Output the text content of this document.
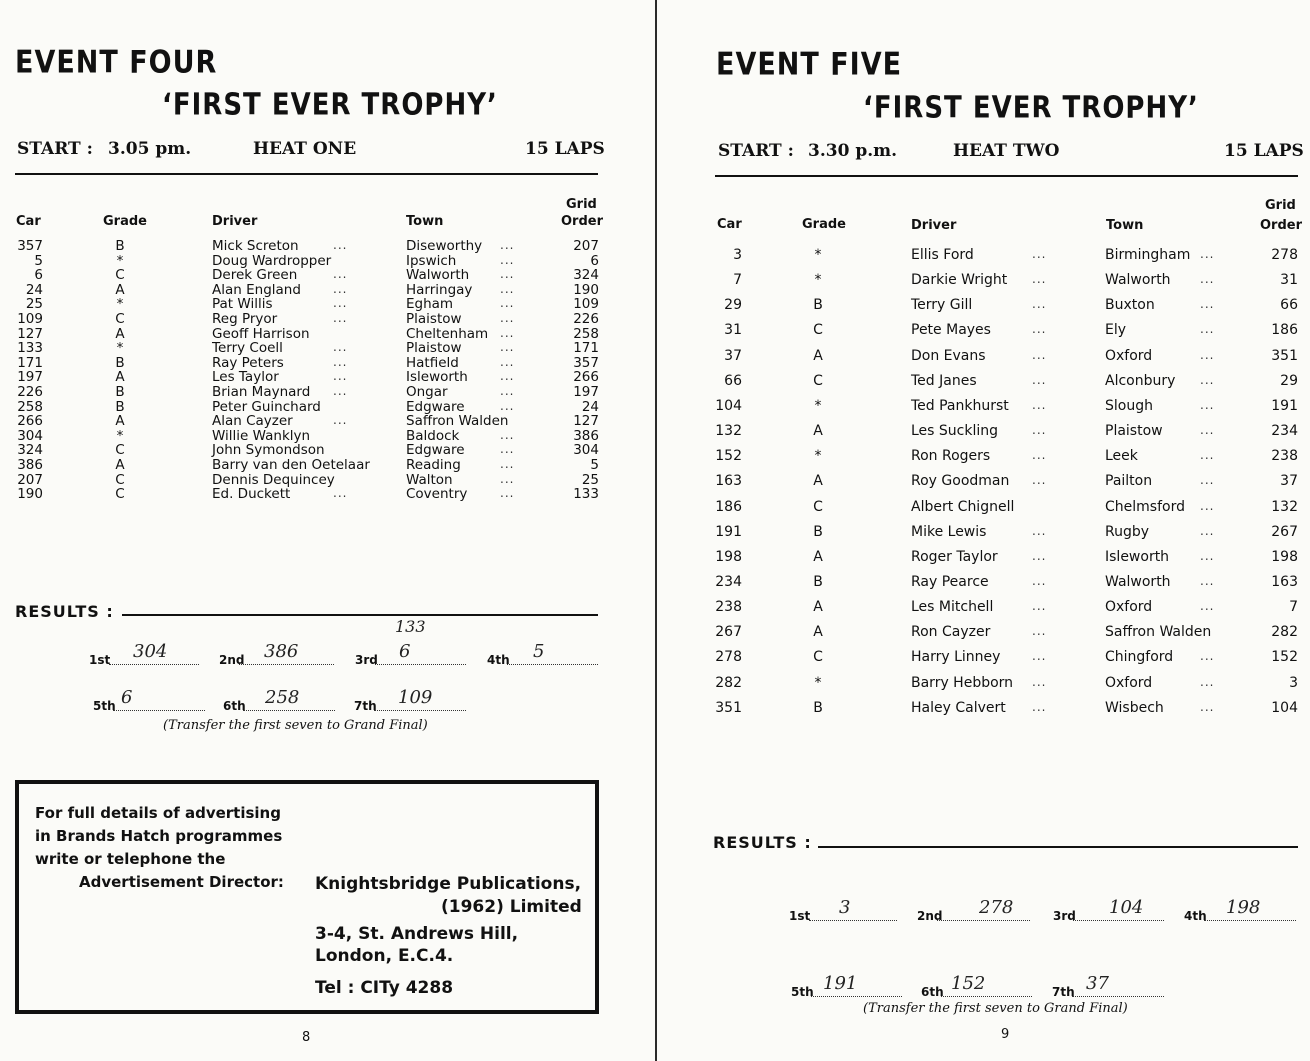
EVENT FOUR
‘FIRST EVER TROPHY’
START : 3.05 pm.	HEAT ONE	15 LAPS
Car	Grade	Driver	Town
Grid
Order
357	B	Mick Screton	Diseworthy	207
...	...
5	*	Doug Wardropper	Ipswich	6
...
6	C	Derek Green	Walworth	324
...	...
24	A	Alan England	Harringay	190
...	...
25	*	Pat Willis	Egham	109
...	...
109	C	Reg Pryor	Plaistow	226
...	...
127	A	Geoff Harrison	Cheltenham	258
...
133	*	Terry Coell	Plaistow	171
...	...
171	B	Ray Peters	Hatfield	357
...	...
197	A	Les Taylor	Isleworth	266
...	...
226	B	Brian Maynard	Ongar	197
...	...
258	B	Peter Guinchard	Edgware	24
...
266	A	Alan Cayzer	Saffron Walden	127
...
304	*	Willie Wanklyn	Baldock	386
...
324	C	John Symondson	Edgware	304
...
386	A	Barry van den Oetelaar	Reading	5
...
207	C	Dennis Dequincey	Walton	25
...
190	C	Ed. Duckett	Coventry	133
...	...
RESULTS :
1st	304	2nd	386	3rd	6	4th	5
5th 6	6th	258	7th	109
133
(Transfer the first seven to Grand Final)
For full details of advertising
in Brands Hatch programmes
write or telephone the
Advertisement Director: Knightsbridge Publications,
(1962) Limited
3-4, St. Andrews Hill,
London, E.C.4.
Tel : CITy 4288
8
EVENT FIVE
‘FIRST EVER TROPHY’
START : 3.30 p.m.	HEAT TWO	15 LAPS
Car	Grade	Driver	Town
Grid
Order
3	*	Ellis Ford	Birmingham	278
...	...
7	*	Darkie Wright	Walworth	31
...	...
29	B	Terry Gill	Buxton	66
...	...
31	C	Pete Mayes	Ely	186
...	...
37	A	Don Evans	Oxford	351
...	...
66	C	Ted Janes	Alconbury	29
...	...
104	*	Ted Pankhurst	Slough	191
...	...
132	A	Les Suckling	Plaistow	234
...	...
152	*	Ron Rogers	Leek	238
...	...
163	A	Roy Goodman	Pailton	37
...	...
186	C	Albert Chignell	Chelmsford	132
...
191	B	Mike Lewis	Rugby	267
...	...
198	A	Roger Taylor	Isleworth	198
...	...
234	B	Ray Pearce	Walworth	163
...	...
238	A	Les Mitchell	Oxford	7
...	...
267	A	Ron Cayzer	Saffron Walden	282
...
278	C	Harry Linney	Chingford	152
...	...
282	*	Barry Hebborn	Oxford	3
...	...
351	B	Haley Calvert	Wisbech	104
...	...
RESULTS :
1st	3	2nd	278	3rd	104	4th	198
5th 191	6th 152	7th 37
(Transfer the first seven to Grand Final)
9
